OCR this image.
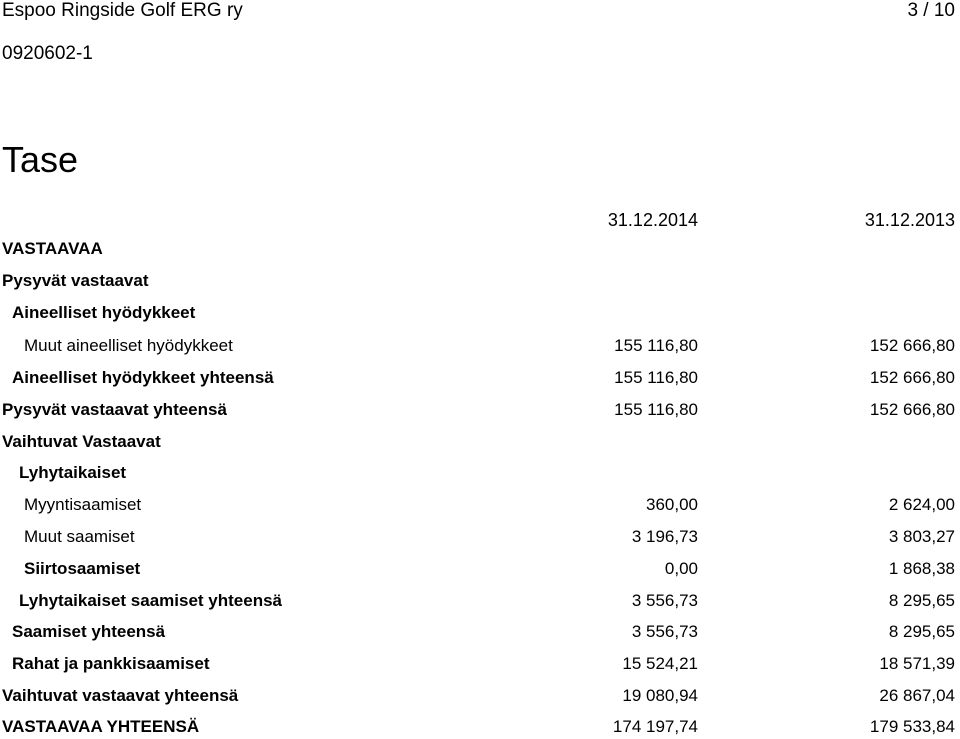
Espoo Ringside Golf ERG ry	3 / 10
0920602-1
Tase
31.12.2014	31.12.2013
VASTAAVAA
Pysyvät vastaavat
Aineelliset hyödykkeet
Muut aineelliset hyödykkeet	155 116,80	152 666,80
Aineelliset hyödykkeet yhteensä	155 116,80	152 666,80
Pysyvät vastaavat yhteensä	155 116,80	152 666,80
Vaihtuvat Vastaavat
Lyhytaikaiset
Myyntisaamiset	360,00	2 624,00
Muut saamiset	3 196,73	3 803,27
Siirtosaamiset	0,00	1 868,38
Lyhytaikaiset saamiset yhteensä	3 556,73	8 295,65
Saamiset yhteensä	3 556,73	8 295,65
Rahat ja pankkisaamiset	15 524,21	18 571,39
Vaihtuvat vastaavat yhteensä	19 080,94	26 867,04
VASTAAVAA YHTEENSÄ	174 197,74	179 533,84
